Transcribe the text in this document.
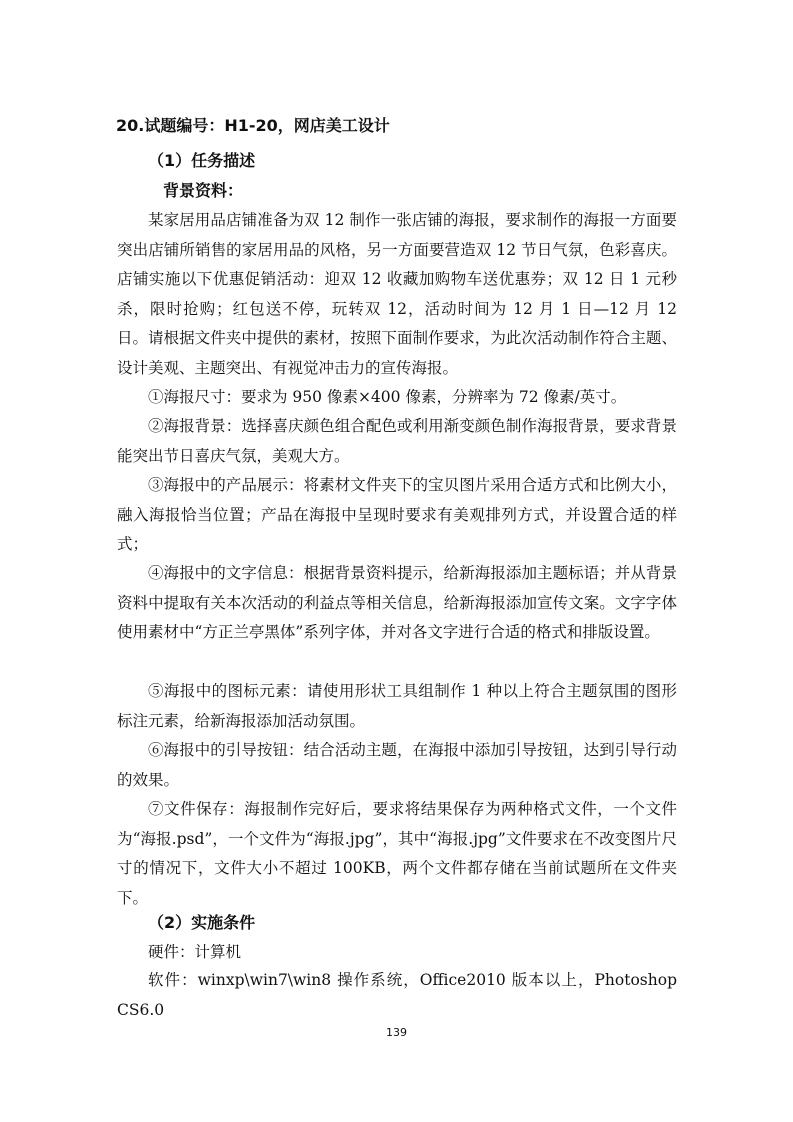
20.试题编号：H1-20，网店美工设计
（1）任务描述
背景资料：

某家居用品店铺准备为双 12 制作一张店铺的海报，要求制作的海报一方面要突出店铺所销售的家居用品的风格，另一方面要营造双 12 节日气氛，色彩喜庆。店铺实施以下优惠促销活动：迎双 12 收藏加购物车送优惠券；双 12 日 1 元秒杀，限时抢购；红包送不停，玩转双 12，活动时间为 12 月 1 日—12 月 12 日。 请根据文件夹中提供的素材，按照下面制作要求，为此次活动制作符合主题、设计美观、主题突出、有视觉冲击力的宣传海报。

①海报尺寸：要求为 950 像素×400 像素，分辨率为 72 像素/英寸。

②海报背景：选择喜庆颜色组合配色或利用渐变颜色制作海报背景，要求背景能突出节日喜庆气氛，美观大方。

③海报中的产品展示：将素材文件夹下的宝贝图片采用合适方式和比例大小，融入海报恰当位置；产品在海报中呈现时要求有美观排列方式，并设置合适的样式；

④海报中的文字信息：根据背景资料提示，给新海报添加主题标语；并从背景资料中提取有关本次活动的利益点等相关信息，给新海报添加宣传文案。文字字体使用素材中“方正兰亭黑体”系列字体，并对各文字进行合适的格式和排版设置。

⑤海报中的图标元素：请使用形状工具组制作 1 种以上符合主题氛围的图形标注元素，给新海报添加活动氛围。

⑥海报中的引导按钮：结合活动主题，在海报中添加引导按钮，达到引导行动的效果。

⑦文件保存：海报制作完好后，要求将结果保存为两种格式文件，一个文件为“海报.psd”，一个文件为“海报.jpg”，其中“海报.jpg”文件要求在不改变图片尺寸的情况下，文件大小不超过 100KB，两个文件都存储在当前试题所在文件夹下。

（2）实施条件
硬件：计算机

软件：winxp\win7\win8 操作系统，Office2010 版本以上，Photoshop CS6.0

139
